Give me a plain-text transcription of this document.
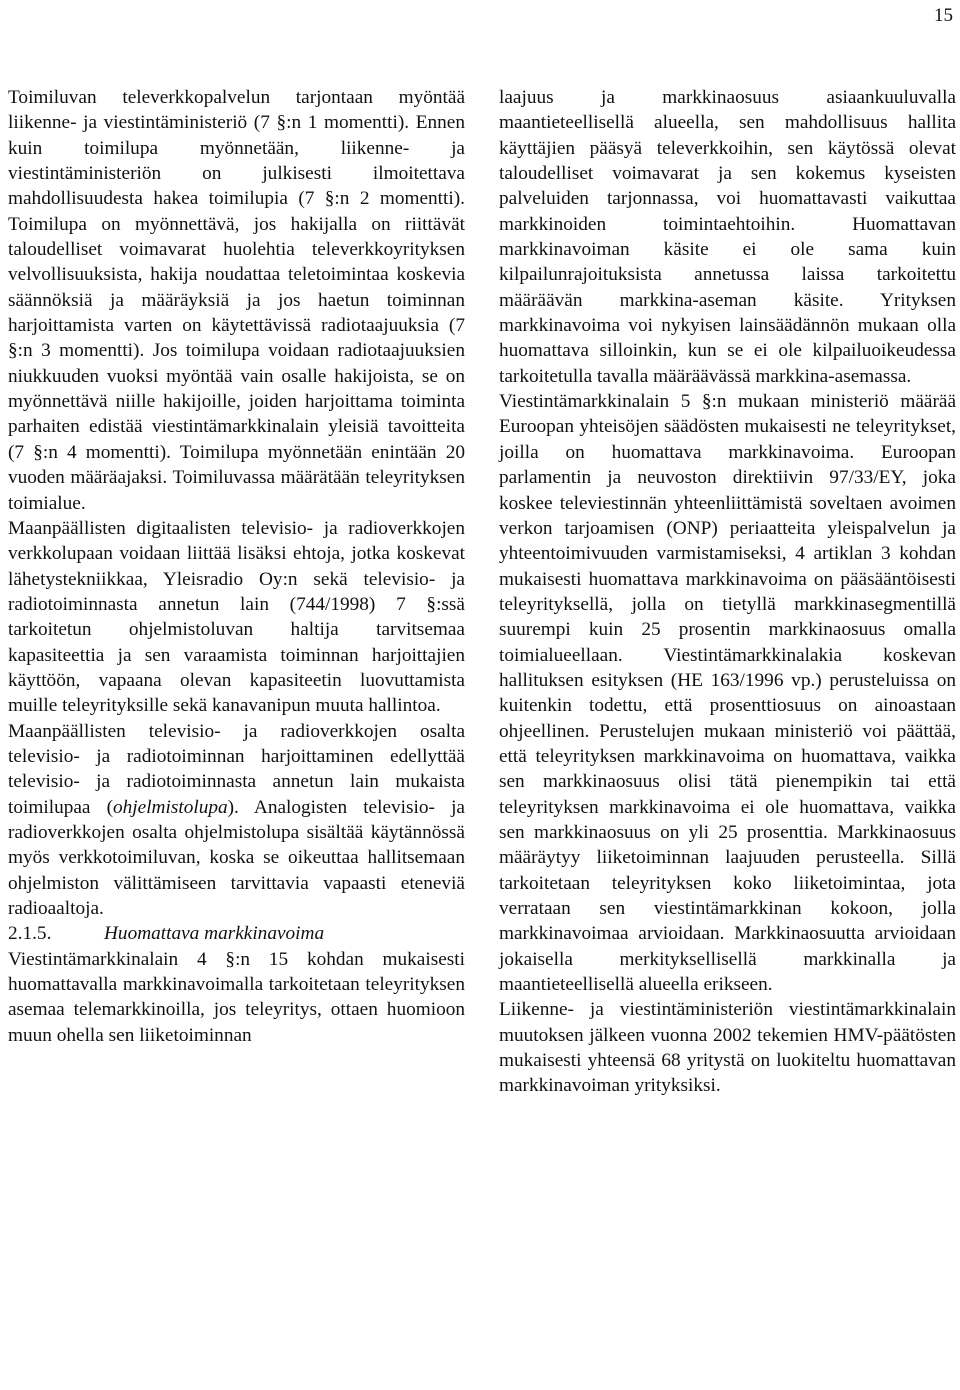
15

Toimiluvan televerkkopalvelun tarjontaan myöntää liikenne- ja viestintäministeriö (7 §:n 1 momentti). Ennen kuin toimilupa myönnetään, liikenne- ja viestintäministeriön on julkisesti ilmoitettava mahdollisuudesta hakea toimilupia (7 §:n 2 momentti). Toimilupa on myönnettävä, jos hakijalla on riittävät taloudelliset voimavarat huolehtia televerkkoyrityksen velvollisuuksista, hakija noudattaa teletoimintaa koskevia säännöksiä ja määräyksiä ja jos haetun toiminnan harjoittamista varten on käytettävissä radiotaajuuksia (7 §:n 3 momentti). Jos toimilupa voidaan radiotaajuuksien niukkuuden vuoksi myöntää vain osalle hakijoista, se on myönnettävä niille hakijoille, joiden harjoittama toiminta parhaiten edistää viestintämarkkinalain yleisiä tavoitteita (7 §:n 4 momentti). Toimilupa myönnetään enintään 20 vuoden määräajaksi. Toimiluvassa määrätään teleyrityksen toimialue.

Maanpäällisten digitaalisten televisio- ja radioverkkojen verkkolupaan voidaan liittää lisäksi ehtoja, jotka koskevat lähetystekniikkaa, Yleisradio Oy:n sekä televisio- ja radiotoiminnasta annetun lain (744/1998) 7 §:ssä tarkoitetun ohjelmistoluvan haltija tarvitsemaa kapasiteettia ja sen varaamista toiminnan harjoittajien käyttöön, vapaana olevan kapasiteetin luovuttamista muille teleyrityksille sekä kanavanipun muuta hallintoa.

Maanpäällisten televisio- ja radioverkkojen osalta televisio- ja radiotoiminnan harjoittaminen edellyttää televisio- ja radiotoiminnasta annetun lain mukaista toimilupaa (ohjelmistolupa). Analogisten televisio- ja radioverkkojen osalta ohjelmistolupa sisältää käytännössä myös verkkotoimiluvan, koska se oikeuttaa hallitsemaan ohjelmiston välittämiseen tarvittavia vapaasti eteneviä radioaaltoja.

2.1.5.	Huomattava markkinavoima

Viestintämarkkinalain 4 §:n 15 kohdan mukaisesti huomattavalla markkinavoimalla tarkoitetaan teleyrityksen asemaa telemarkkinoilla, jos teleyritys, ottaen huomioon muun ohella sen liiketoiminnan

laajuus ja markkinaosuus asiaankuuluvalla maantieteellisellä alueella, sen mahdollisuus hallita käyttäjien pääsyä televerkkoihin, sen käytössä olevat taloudelliset voimavarat ja sen kokemus kyseisten palveluiden tarjonnassa, voi huomattavasti vaikuttaa markkinoiden toimintaehtoihin. Huomattavan markkinavoiman käsite ei ole sama kuin kilpailunrajoituksista annetussa laissa tarkoitettu määräävän markkina-aseman käsite. Yrityksen markkinavoima voi nykyisen lainsäädännön mukaan olla huomattava silloinkin, kun se ei ole kilpailuoikeudessa tarkoitetulla tavalla määräävässä markkina-asemassa.

Viestintämarkkinalain 5 §:n mukaan ministeriö määrää Euroopan yhteisöjen säädösten mukaisesti ne teleyritykset, joilla on huomattava markkinavoima. Euroopan parlamentin ja neuvoston direktiivin 97/33/EY, joka koskee televiestinnän yhteenliittämistä soveltaen avoimen verkon tarjoamisen (ONP) periaatteita yleispalvelun ja yhteentoimivuuden varmistamiseksi, 4 artiklan 3 kohdan mukaisesti huomattava markkinavoima on pääsääntöisesti teleyrityksellä, jolla on tietyllä markkinasegmentillä suurempi kuin 25 prosentin markkinaosuus omalla toimialueellaan. Viestintämarkkinalakia koskevan hallituksen esityksen (HE 163/1996 vp.) perusteluissa on kuitenkin todettu, että prosenttiosuus on ainoastaan ohjeellinen. Perustelujen mukaan ministeriö voi päättää, että teleyrityksen markkinavoima on huomattava, vaikka sen markkinaosuus olisi tätä pienempikin tai että teleyrityksen markkinavoima ei ole huomattava, vaikka sen markkinaosuus on yli 25 prosenttia. Markkinaosuus määräytyy liiketoiminnan laajuuden perusteella. Sillä tarkoitetaan teleyrityksen koko liiketoimintaa, jota verrataan sen viestintämarkkinan kokoon, jolla markkinavoimaa arvioidaan. Markkinaosuutta arvioidaan jokaisella merkityksellisellä markkinalla ja maantieteellisellä alueella erikseen.

Liikenne- ja viestintäministeriön viestintämarkkinalain muutoksen jälkeen vuonna 2002 tekemien HMV-päätösten mukaisesti yhteensä 68 yritystä on luokiteltu huomattavan markkinavoiman yrityksiksi.
